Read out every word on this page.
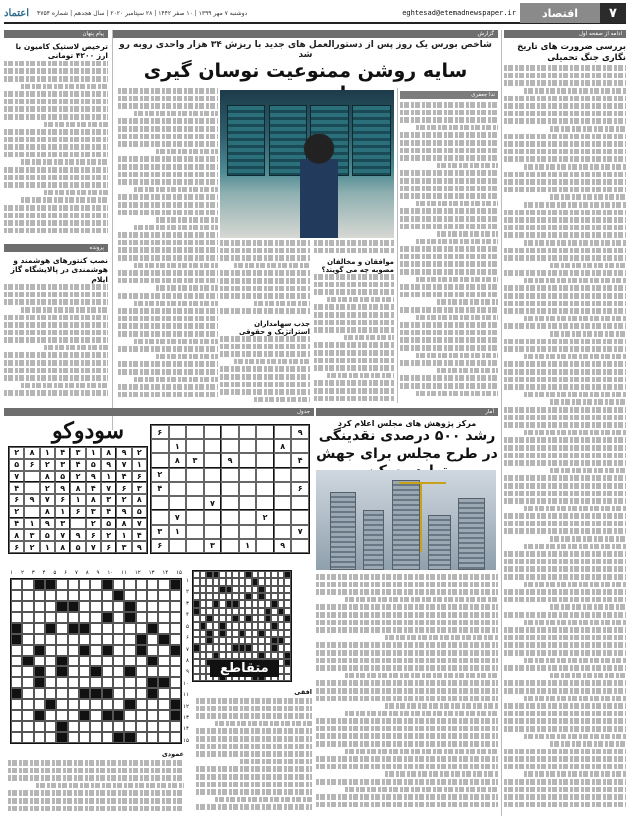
۷
اقتصاد
eghtesad@etemadnewspaper.ir
دوشنبه ۷ مهر ۱۳۹۹ | ۱۰ صفر ۱۴۴۲ | ۲۸ سپتامبر ۲۰۲۰ | سال هجدهم | شماره ۴۷۵۴
اعتماد
ادامه از صفحه اول
بررسی ضرورت های تاریخ نگاری جنگ تحمیلی
گزارش
شاخص بورس یک روز پس از دستورالعمل های جدید با ریزش ۳۴ هزار واحدی روبه رو شد
سایه روشن ممنوعیت نوسان گیری
ندا جعفری
موافقان و مخالفان مصوبه چه می گویند؟
جذب سهامداران استراتژیک و حقوقی
پیام پنهان
ترخیص لاستیک کامیون با ارز ۴۲۰۰ تومانی
پرونده
نصب کنتورهای هوشمند و هوشمندی در پالایشگاه گاز ایلام
آمار
مرکز پژوهش های مجلس اعلام کرد
رشد ۵۰۰ درصدی نقدینگی در طرح مجلس برای جهش
جدول
سودوکو
۲
۹
۸
۱
۳
۴
۱
۸
۲
۱
۷
۹
۵
۴
۳
۲
۶
۵
۶
۴
۱
۹
۲
۵
۸
۷
۳
۶
۷
۴
۸
۹
۲
۴
۸
۲
۳
۸
۱
۶
۷
۹
۶
۵
۹
۴
۳
۶
۱
۸
۲
۷
۸
۵
۲
۳
۹
۱
۴
۴
۱
۲
۶
۹
۷
۵
۳
۸
۹
۳
۶
۷
۵
۸
۱
۲
۶
۹
۶
۸
۱
۴
۹
۳
۸
۲
۶
۴
۷
۲
۷
۷
۱
۳
۹
۱
۳
۶
۱۵
۱۴
۱۳
۱۲
۱۱
۱۰
۹
۸
۷
۶
۵
۴
۳
۲
۱
۱
۲
۳
۴
۵
۶
۷
۸
۹
۱۰
۱۱
۱۲
۱۳
۱۴
۱۵
متقاطع
افقی
عمودی
